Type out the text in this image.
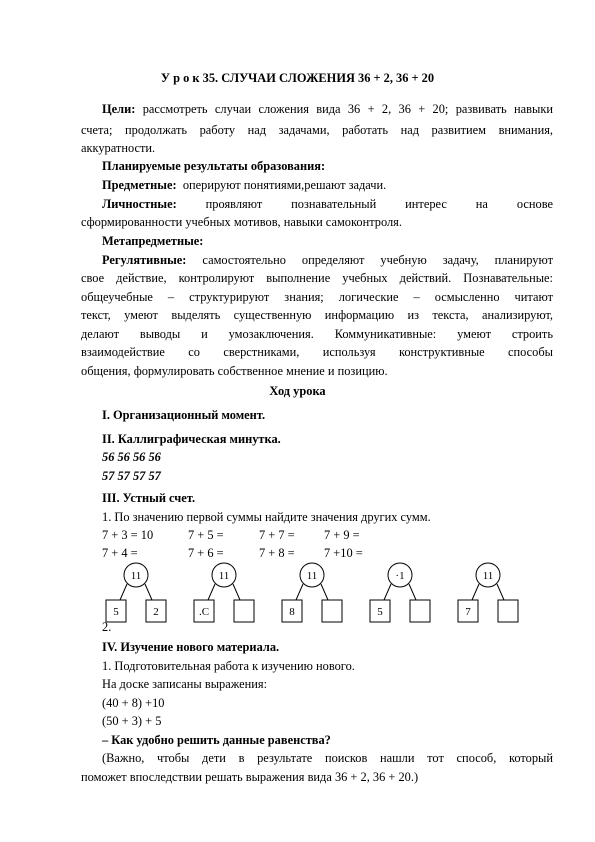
У р о к 35. СЛУЧАИ СЛОЖЕНИЯ 36 + 2, 36 + 20
Цели: рассмотреть случаи сложения вида 36 + 2, 36 + 20; развивать навыки
счета; продолжать работу над задачами, работать над развитием внимания,
аккуратности.
Планируемые результаты образования:
Предметные: оперируют понятиями,решают задачи.
Личностные: проявляют познавательный интерес на основе
сформированности учебных мотивов, навыки самоконтроля.
Метапредметные:
Регулятивные: самостоятельно определяют учебную задачу, планируют
свое действие, контролируют выполнение учебных действий. Познавательные:
общеучебные – структурируют знания; логические – осмысленно читают
текст, умеют выделять существенную информацию из текста, анализируют,
делают выводы и умозаключения. Коммуникативные: умеют строить
взаимодействие со сверстниками, используя конструктивные способы
общения, формулировать собственное мнение и позицию.
Ход урока
I. Организационный момент.
II. Каллиграфическая минутка.
56 56 56 56
57 57 57 57
III. Устный счет.
1. По значению первой суммы найдите значения других сумм.
7 + 3 = 10	7 + 5 =	7 + 7 = 7 + 9 =
7 + 4 =	7 + 6 =	7 + 8 = 7 +10 =
11
5	2
11
.C
11
8
·1
5
11
7
2.
IV. Изучение нового материала.
1. Подготовительная работа к изучению нового.
На доске записаны выражения:
(40 + 8) +10
(50 + 3) + 5
– Как удобно решить данные равенства?
(Важно, чтобы дети в результате поисков нашли тот способ, который
поможет впоследствии решать выражения вида 36 + 2, 36 + 20.)
